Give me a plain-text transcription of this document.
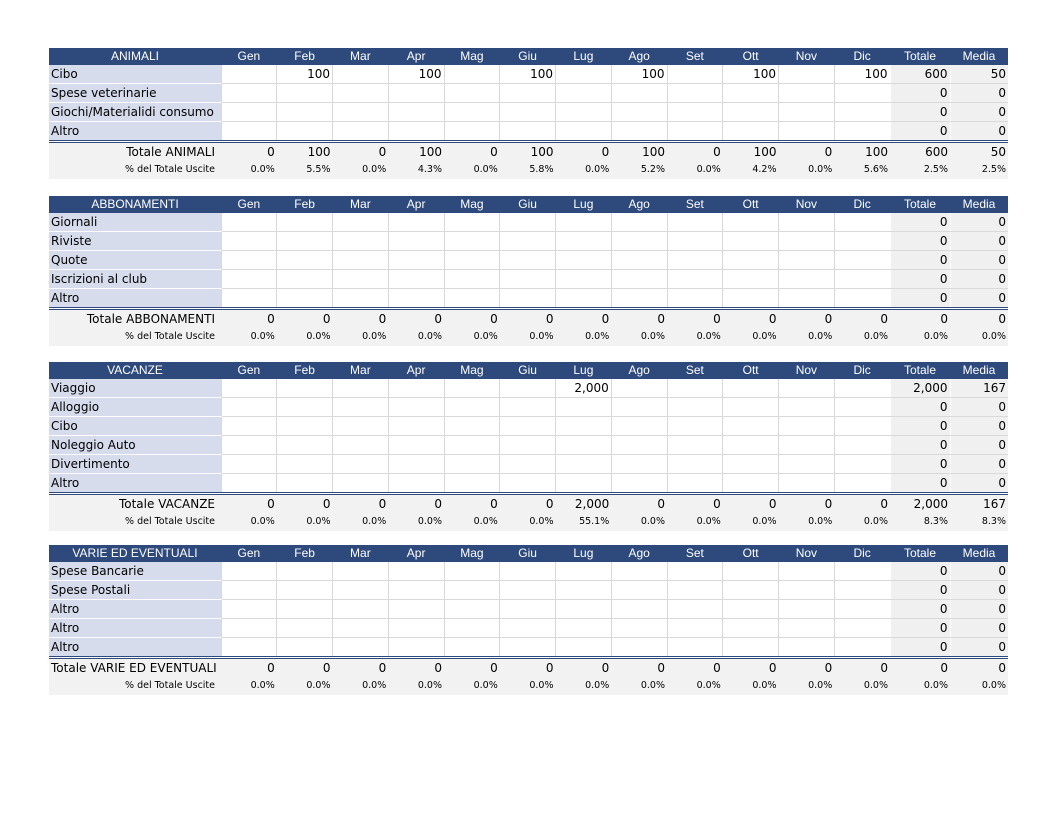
ANIMALI	Gen	Feb	Mar	Apr	Mag	Giu	Lug	Ago	Set	Ott	Nov	Dic	Totale	Media
Cibo		100		100		100		100		100		100	600	50
Spese veterinarie													0	0
Giochi/Materialidi consumo													0	0
Altro													0	0
Totale ANIMALI	0	100	0	100	0	100	0	100	0	100	0	100	600	50
% del Totale Uscite	0.0%	5.5%	0.0%	4.3%	0.0%	5.8%	0.0%	5.2%	0.0%	4.2%	0.0%	5.6%	2.5%	2.5%
ABBONAMENTI	Gen	Feb	Mar	Apr	Mag	Giu	Lug	Ago	Set	Ott	Nov	Dic	Totale	Media
Giornali													0	0
Riviste													0	0
Quote													0	0
Iscrizioni al club													0	0
Altro													0	0
Totale ABBONAMENTI	0	0	0	0	0	0	0	0	0	0	0	0	0	0
% del Totale Uscite	0.0%	0.0%	0.0%	0.0%	0.0%	0.0%	0.0%	0.0%	0.0%	0.0%	0.0%	0.0%	0.0%	0.0%
VACANZE	Gen	Feb	Mar	Apr	Mag	Giu	Lug	Ago	Set	Ott	Nov	Dic	Totale	Media
Viaggio							2,000						2,000	167
Alloggio													0	0
Cibo													0	0
Noleggio Auto													0	0
Divertimento													0	0
Altro													0	0
Totale VACANZE	0	0	0	0	0	0	2,000	0	0	0	0	0	2,000	167
% del Totale Uscite	0.0%	0.0%	0.0%	0.0%	0.0%	0.0%	55.1%	0.0%	0.0%	0.0%	0.0%	0.0%	8.3%	8.3%
VARIE ED EVENTUALI	Gen	Feb	Mar	Apr	Mag	Giu	Lug	Ago	Set	Ott	Nov	Dic	Totale	Media
Spese Bancarie													0	0
Spese Postali													0	0
Altro													0	0
Altro													0	0
Altro													0	0
Totale VARIE ED EVENTUALI	0	0	0	0	0	0	0	0	0	0	0	0	0	0
% del Totale Uscite	0.0%	0.0%	0.0%	0.0%	0.0%	0.0%	0.0%	0.0%	0.0%	0.0%	0.0%	0.0%	0.0%	0.0%
